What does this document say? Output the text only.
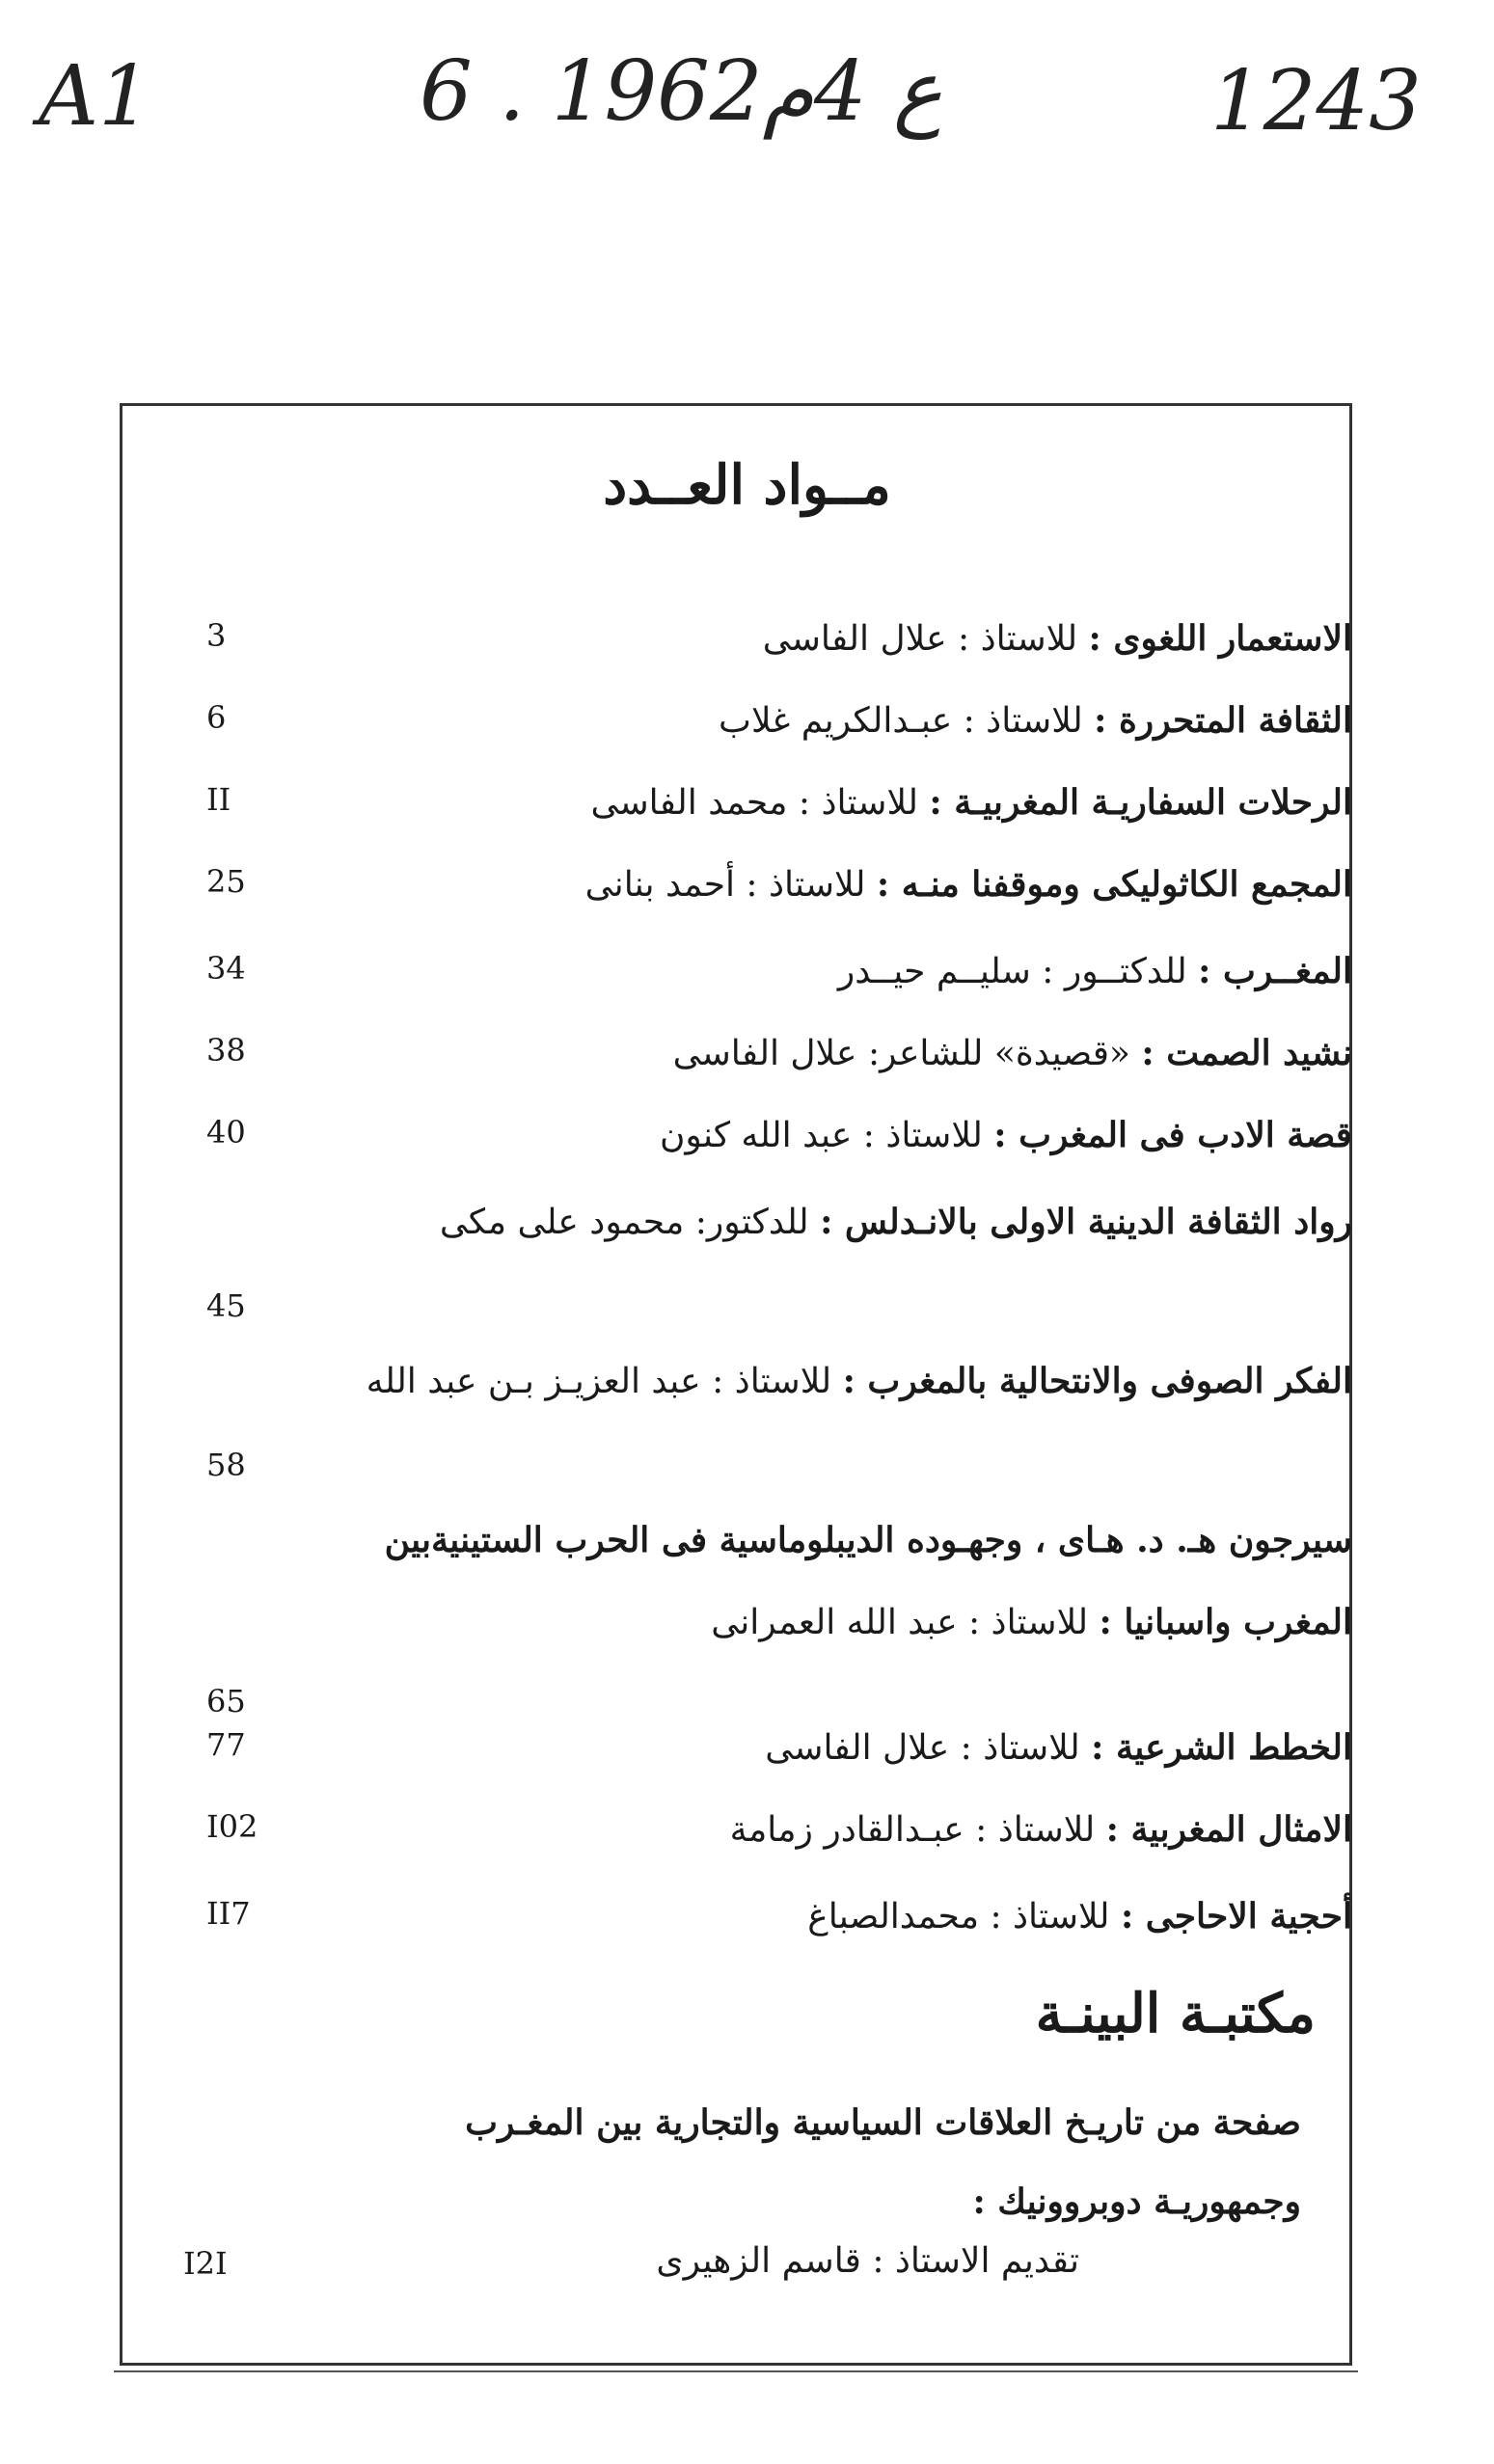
A1	6 . ع 4م1962	1243
مــواد العــدد
الاستعمار اللغوى : للاستاذ : علال الفاسى
3
الثقافة المتحررة : للاستاذ : عبـدالكريم غلاب
6
الرحلات السفاريـة المغربيـة : للاستاذ : محمد الفاسى
II
المجمع الكاثوليكى وموقفنا منـه : للاستاذ : أحمد بنانى
25
المغــرب : للدكتــور : سليــم حيــدر
34
نشيد الصمت : «قصيدة» للشاعر: علال الفاسى
38
قصة الادب فى المغرب : للاستاذ : عبد الله كنون
40
رواد الثقافة الدينية الاولى بالانـدلس : للدكتور: محمود على مكى
45
الفكر الصوفى والانتحالية بالمغرب : للاستاذ : عبد العزيـز بـن عبد الله
58
سيرجون هـ. د. هـاى ، وجهـوده الديبلوماسية فى الحرب الستينيةبين المغرب واسبانيا : للاستاذ : عبد الله العمرانى
65
الخطط الشرعية : للاستاذ : علال الفاسى
77
الامثال المغربية : للاستاذ : عبـدالقادر زمامة
I02
أحجية الاحاجى : للاستاذ : محمدالصباغ
II7
مكتبـة البينـة
صفحة من تاريـخ العلاقات السياسية والتجارية بين المغـرب وجمهوريـة دوبروونيك :
تقديم الاستاذ : قاسم الزهيرى
I2I
